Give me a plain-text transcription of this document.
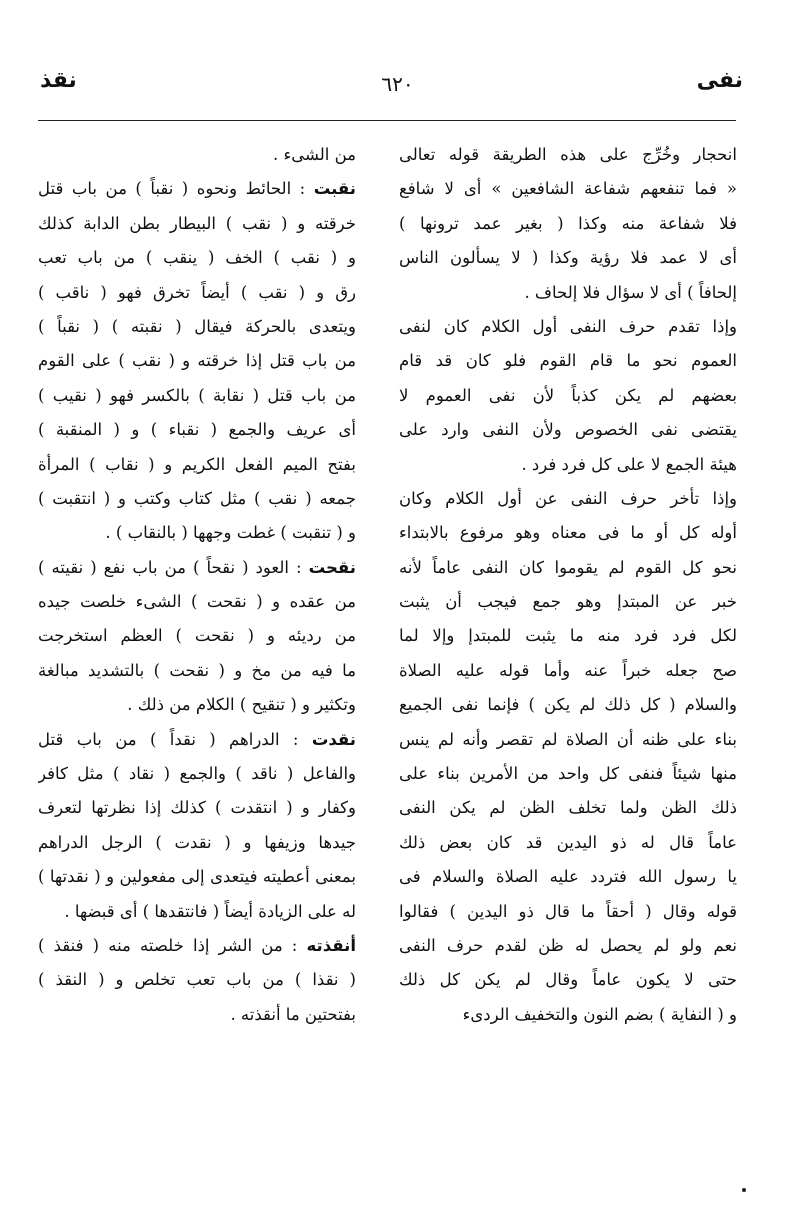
نفى
٦٢٠
نقذ
انحجار وخُرِّج على هذه الطريقة قوله تعالى
« فما تنفعهم شفاعة الشافعين » أى لا شافع
فلا شفاعة منه وكذا ( بغير عمد ترونها )
أى لا عمد فلا رؤية وكذا ( لا يسألون الناس
إلحافاً ) أى لا سؤال فلا إلحاف .
وإذا تقدم حرف النفى أول الكلام كان لنفى
العموم نحو ما قام القوم فلو كان قد قام
بعضهم لم يكن كذباً لأن نفى العموم لا
يقتضى نفى الخصوص ولأن النفى وارد على
هيئة الجمع لا على كل فرد فرد .
وإذا تأخر حرف النفى عن أول الكلام وكان
أوله كل أو ما فى معناه وهو مرفوع بالابتداء
نحو كل القوم لم يقوموا كان النفى عاماً لأنه
خبر عن المبتدإ وهو جمع فيجب أن يثبت
لكل فرد فرد منه ما يثبت للمبتدإ وإلا لما
صح جعله خبراً عنه وأما قوله عليه الصلاة
والسلام ( كل ذلك لم يكن ) فإنما نفى الجميع
بناء على ظنه أن الصلاة لم تقصر وأنه لم ينس
منها شيئاً فنفى كل واحد من الأمرين بناء على
ذلك الظن ولما تخلف الظن لم يكن النفى
عاماً قال له ذو اليدين قد كان بعض ذلك
يا رسول الله فتردد عليه الصلاة والسلام فى
قوله وقال ( أحقاً ما قال ذو اليدين ) فقالوا
نعم ولو لم يحصل له ظن لقدم حرف النفى
حتى لا يكون عاماً وقال لم يكن كل ذلك
و ( النفاية ) بضم النون والتخفيف الردىء
من الشىء .
نقبت : الحائط ونحوه ( نقباً ) من باب قتل
خرقته و ( نقب ) البيطار بطن الدابة كذلك
و ( نقب ) الخف ( ينقب ) من باب تعب
رق و ( نقب ) أيضاً تخرق فهو ( ناقب )
ويتعدى بالحركة فيقال ( نقبته ) ( نقباً )
من باب قتل إذا خرقته و ( نقب ) على القوم
من باب قتل ( نقابة ) بالكسر فهو ( نقيب )
أى عريف والجمع ( نقباء ) و ( المنقبة )
بفتح الميم الفعل الكريم و ( نقاب ) المرأة
جمعه ( نقب ) مثل كتاب وكتب و ( انتقبت )
و ( تنقبت ) غطت وجهها ( بالنقاب ) .
نقحت : العود ( نقحاً ) من باب نفع ( نقيته )
من عقده و ( نقحت ) الشىء خلصت جيده
من رديئه و ( نقحت ) العظم استخرجت
ما فيه من مخ و ( نقحت ) بالتشديد مبالغة
وتكثير و ( تنقيح ) الكلام من ذلك .
نقدت : الدراهم ( نقداً ) من باب قتل
والفاعل ( ناقد ) والجمع ( نقاد ) مثل كافر
وكفار و ( انتقدت ) كذلك إذا نظرتها لتعرف
جيدها وزيفها و ( نقدت ) الرجل الدراهم
بمعنى أعطيته فيتعدى إلى مفعولين و ( نقدتها )
له على الزيادة أيضاً ( فانتقدها ) أى قبضها .
أنقذته : من الشر إذا خلصته منه ( فنقذ )
( نقذا ) من باب تعب تخلص و ( النقذ )
بفتحتين ما أنقذته .
